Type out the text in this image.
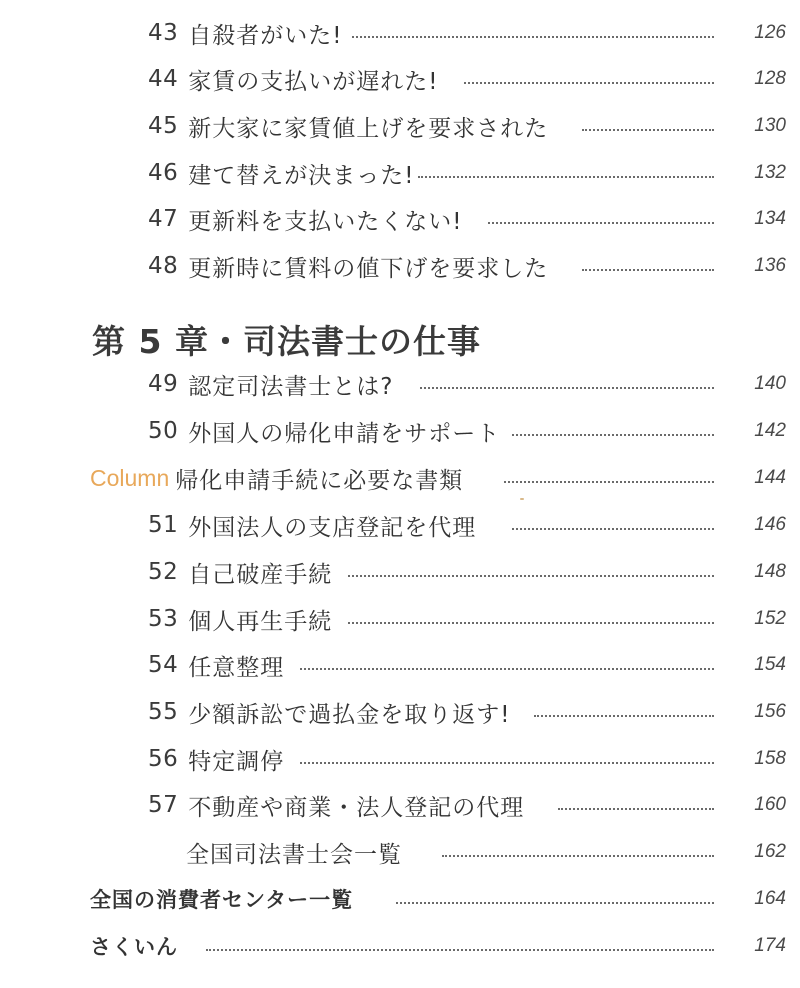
43 自殺者がいた!	126
44 家賃の支払いが遅れた!	128
45 新大家に家賃値上げを要求された	130
46 建て替えが決まった!	132
47 更新料を支払いたくない!	134
48 更新時に賃料の値下げを要求した	136
第 5 章・司法書士の仕事
49 認定司法書士とは?	140
50 外国人の帰化申請をサポート	142
Column 帰化申請手続に必要な書類	144
51 外国法人の支店登記を代理	146
52 自己破産手続	148
53 個人再生手続	152
54 任意整理	154
55 少額訴訟で過払金を取り返す!	156
56 特定調停	158
57 不動産や商業・法人登記の代理	160
全国司法書士会一覧	162
全国の消費者センター一覧	164
さくいん	174
